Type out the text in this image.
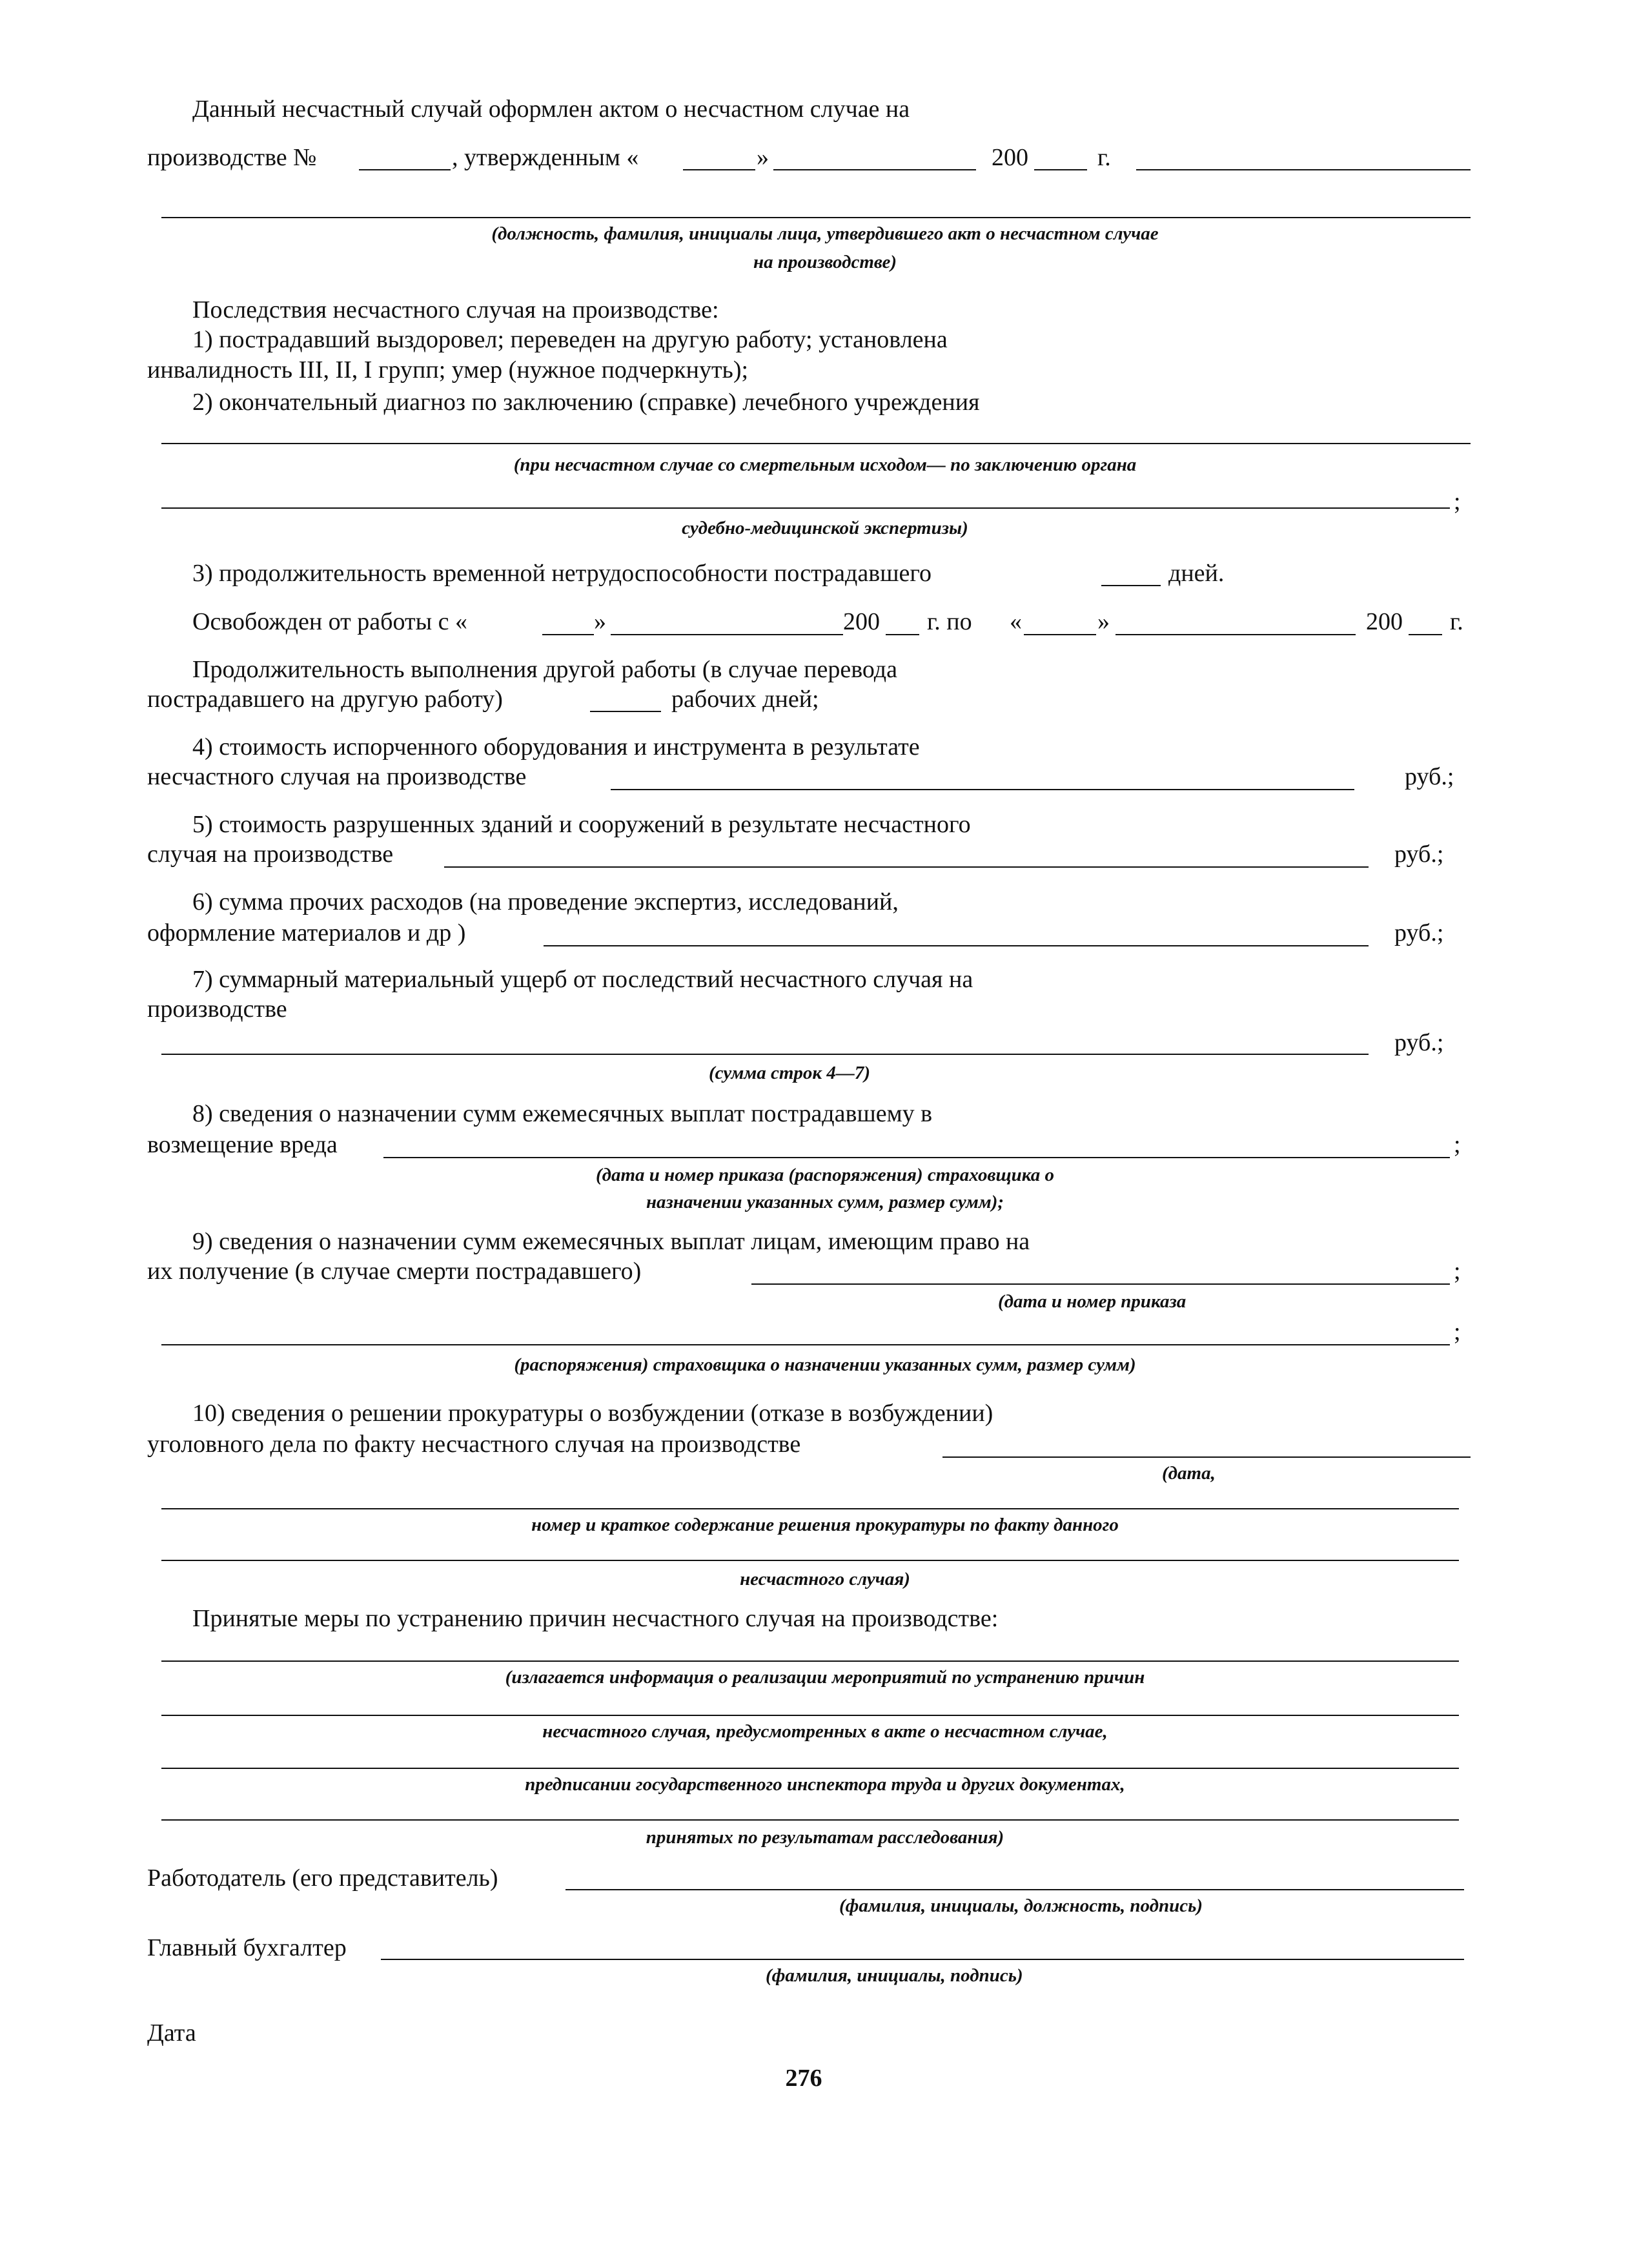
Данный несчастный случай оформлен актом о несчастном случае на
производстве №	, утвержденным «	»	200	г.
(должность, фамилия, инициалы лица, утвердившего акт о несчастном случае
на производстве)
Последствия несчастного случая на производстве:
1) пострадавший выздоровел; переведен на другую работу; установлена
инвалидность III, II, I групп; умер (нужное подчеркнуть);
2) окончательный диагноз по заключению (справке) лечебного учреждения
(при несчастном случае со смертельным исходом— по заключению органа
;
судебно-медицинской экспертизы)
3) продолжительность временной нетрудоспособности пострадавшего	дней.
Освобожден от работы с «	»	200 г. по «	»	200 г.
Продолжительность выполнения другой работы (в случае перевода
пострадавшего на другую работу)	рабочих дней;
4) стоимость испорченного оборудования и инструмента в результате
несчастного случая на производстве	руб.;
5) стоимость разрушенных зданий и сооружений в результате несчастного
случая на производстве	руб.;
6) сумма прочих расходов (на проведение экспертиз, исследований,
оформление материалов и др )	руб.;
7) суммарный материальный ущерб от последствий несчастного случая на
производстве
руб.;
(сумма строк 4—7)
8) сведения о назначении сумм ежемесячных выплат пострадавшему в
возмещение вреда	;
(дата и номер приказа (распоряжения) страховщика о
назначении указанных сумм, размер сумм);
9) сведения о назначении сумм ежемесячных выплат лицам, имеющим право на
их получение (в случае смерти пострадавшего)	;
(дата и номер приказа
;
(распоряжения) страховщика о назначении указанных сумм, размер сумм)
10) сведения о решении прокуратуры о возбуждении (отказе в возбуждении)
уголовного дела по факту несчастного случая на производстве
(дата,
номер и краткое содержание решения прокуратуры по факту данного
несчастного случая)
Принятые меры по устранению причин несчастного случая на производстве:
(излагается информация о реализации мероприятий по устранению причин
несчастного случая, предусмотренных в акте о несчастном случае,
предписании государственного инспектора труда и других документах,
принятых по результатам расследования)
Работодатель (его представитель)
(фамилия, инициалы, должность, подпись)
Главный бухгалтер
(фамилия, инициалы, подпись)
Дата
276
